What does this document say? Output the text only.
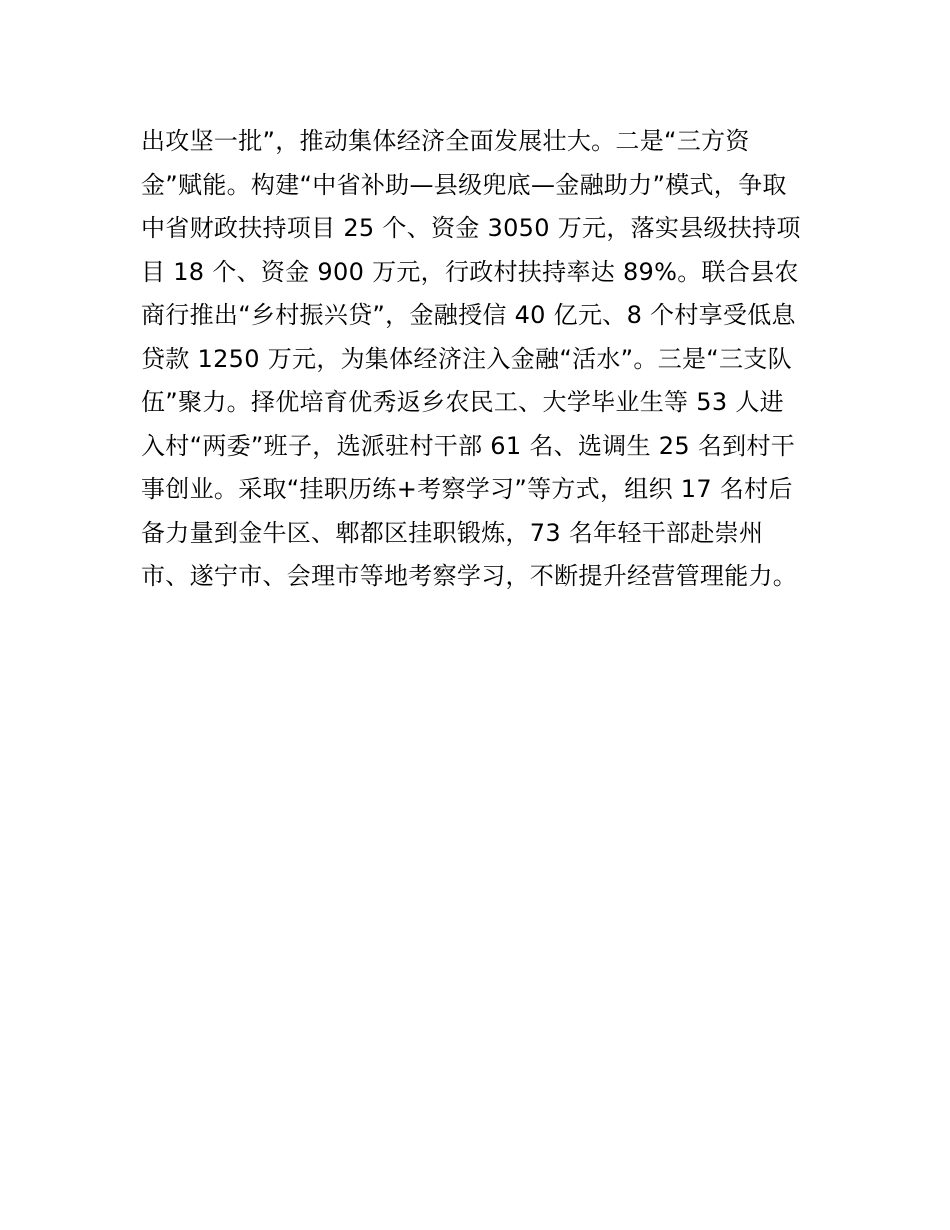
出攻坚一批”，推动集体经济全面发展壮大。二是“三方资
金”赋能。构建“中省补助—县级兜底—金融助力”模式，争取
中省财政扶持项目 25 个、资金 3050 万元，落实县级扶持项
目 18 个、资金 900 万元，行政村扶持率达 89%。联合县农
商行推出“乡村振兴贷”，金融授信 40 亿元、8 个村享受低息
贷款 1250 万元，为集体经济注入金融“活水”。三是“三支队
伍”聚力。择优培育优秀返乡农民工、大学毕业生等 53 人进
入村“两委”班子，选派驻村干部 61 名、选调生 25 名到村干
事创业。采取“挂职历练+考察学习”等方式，组织 17 名村后
备力量到金牛区、郫都区挂职锻炼，73 名年轻干部赴崇州
市、遂宁市、会理市等地考察学习，不断提升经营管理能力。
